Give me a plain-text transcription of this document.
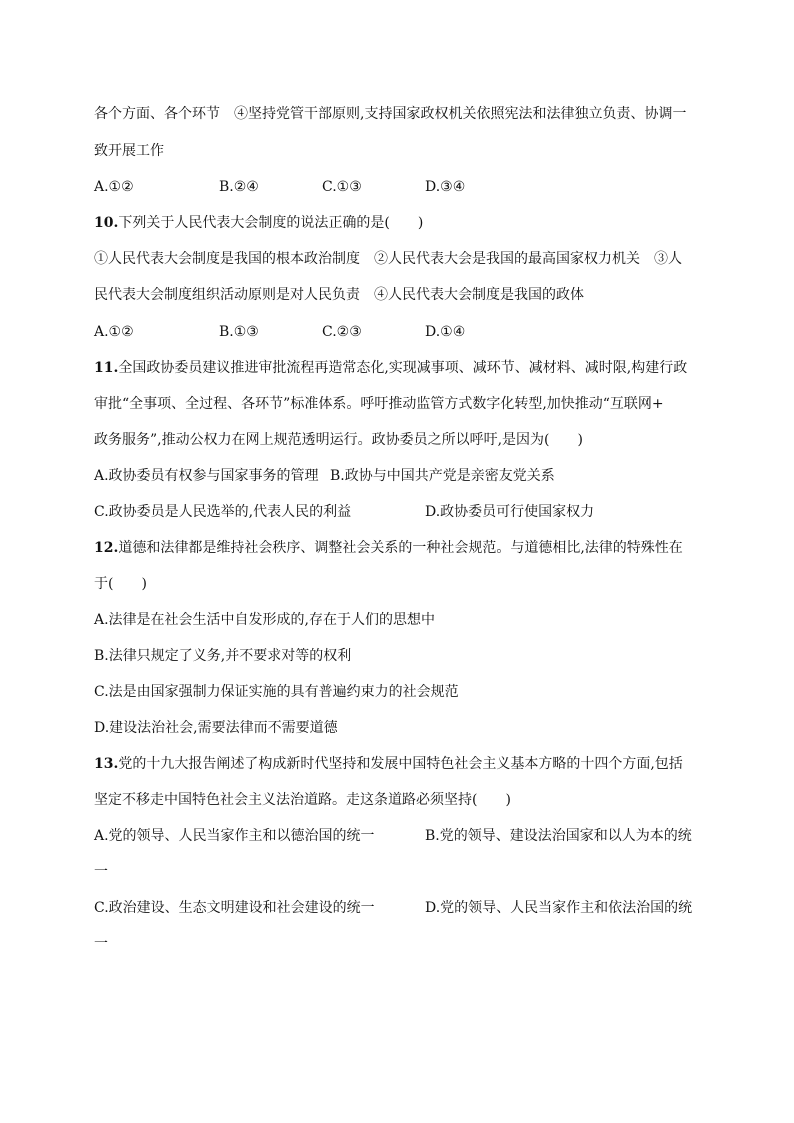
各个方面、各个环节　④坚持党管干部原则,支持国家政权机关依照宪法和法律独立负责、协调一
致开展工作
A.①②	B.②④	C.①③	D.③④
10.下列关于人民代表大会制度的说法正确的是(　　)
①人民代表大会制度是我国的根本政治制度　②人民代表大会是我国的最高国家权力机关　③人
民代表大会制度组织活动原则是对人民负责　④人民代表大会制度是我国的政体
A.①②	B.①③	C.②③	D.①④
11.全国政协委员建议推进审批流程再造常态化,实现减事项、减环节、减材料、减时限,构建行政
审批“全事项、全过程、各环节”标准体系。呼吁推动监管方式数字化转型,加快推动“互联网+
政务服务”,推动公权力在网上规范透明运行。政协委员之所以呼吁,是因为(　　)
A.政协委员有权参与国家事务的管理 B.政协与中国共产党是亲密友党关系
C.政协委员是人民选举的,代表人民的利益	D.政协委员可行使国家权力
12.道德和法律都是维持社会秩序、调整社会关系的一种社会规范。与道德相比,法律的特殊性在
于(　　)
A.法律是在社会生活中自发形成的,存在于人们的思想中
B.法律只规定了义务,并不要求对等的权利
C.法是由国家强制力保证实施的具有普遍约束力的社会规范
D.建设法治社会,需要法律而不需要道德
13.党的十九大报告阐述了构成新时代坚持和发展中国特色社会主义基本方略的十四个方面,包括
坚定不移走中国特色社会主义法治道路。走这条道路必须坚持(　　)
A.党的领导、人民当家作主和以德治国的统一	B.党的领导、建设法治国家和以人为本的统
一
C.政治建设、生态文明建设和社会建设的统一	D.党的领导、人民当家作主和依法治国的统
一
